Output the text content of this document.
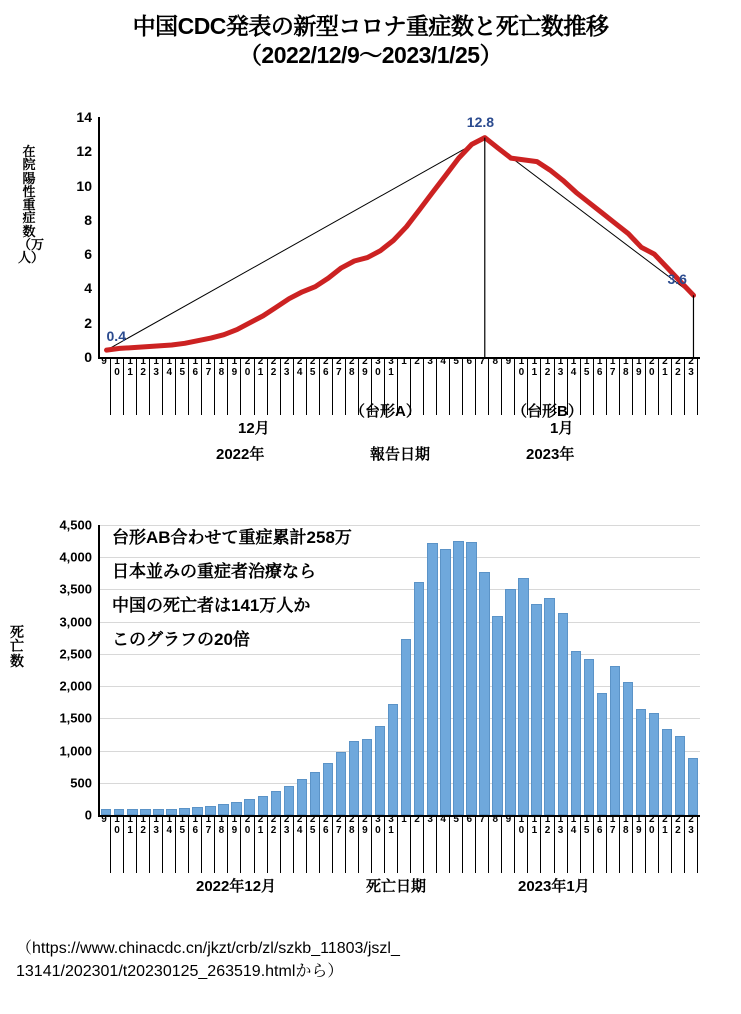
中国CDC発表の新型コロナ重症数と死亡数推移
（2022/12/9〜2023/1/25）
在院陽性重症数（万人）
0
2
4
6
8
10
12
14
0.4
12.8
3.6
（台形A）	（台形B）
9 1
0
1
1
1
2
1
3
1
4
1
5
1
6
1
7
1
8
1
9
2
0
2
1
2
2
2
3
2
4
2
5
2
6
2
7
2
8
2
9
3
0
3
1
1 2 3 4 5 6 7 8 9 1
0
1
1
1
2
1
3
1
4
1
5
1
6
1
7
1
8
1
9
2
0
2
1
2
2
2
3
12月	1月
2022年	報告日期	2023年
死亡数
0
500
1,000
1,500
2,000
2,500
3,000
3,500
4,000
4,500
台形AB合わせて重症累計258万
日本並みの重症者治療なら
中国の死亡者は141万人か
このグラフの20倍
9 1
0
1
1
1
2
1
3
1
4
1
5
1
6
1
7
1
8
1
9
2
0
2
1
2
2
2
3
2
4
2
5
2
6
2
7
2
8
2
9
3
0
3
1
1 2 3 4 5 6 7 8 9 1
0
1
1
1
2
1
3
1
4
1
5
1
6
1
7
1
8
1
9
2
0
2
1
2
2
2
3
2022年12月	死亡日期	2023年1月
（https://www.chinacdc.cn/jkzt/crb/zl/szkb_11803/jszl_
13141/202301/t20230125_263519.htmlから）
